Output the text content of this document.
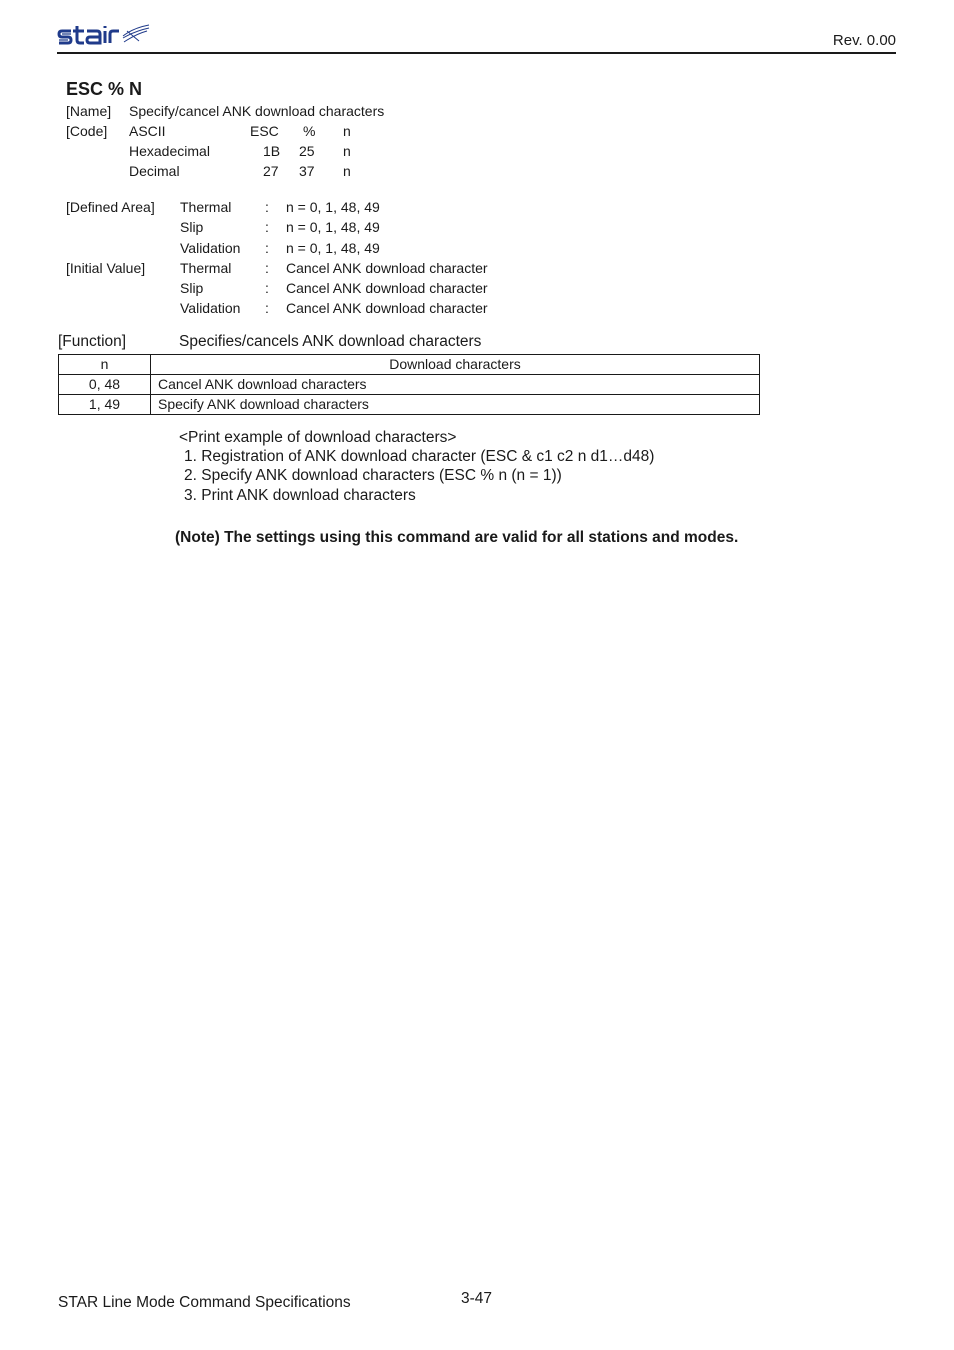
Rev. 0.00
ESC % N
[Name] Specify/cancel ANK download characters
[Code] ASCII	ESC % n
Hexadecimal	1B 25 n
Decimal	27 37 n
[Defined Area] Thermal : n = 0, 1, 48, 49
Slip	: n = 0, 1, 48, 49
Validation : n = 0, 1, 48, 49
[Initial Value] Thermal : Cancel ANK download character
Slip	: Cancel ANK download character
Validation : Cancel ANK download character
[Function]	Specifies/cancels ANK download characters
n	Download characters
0, 48	Cancel ANK download characters
1, 49	Specify ANK download characters
<Print example of download characters>
1. Registration of ANK download character (ESC & c1 c2 n d1…d48)
2. Specify ANK download characters (ESC % n (n = 1))
3. Print ANK download characters
(Note) The settings using this command are valid for all stations and modes.
STAR Line Mode Command Specifications	3-47
